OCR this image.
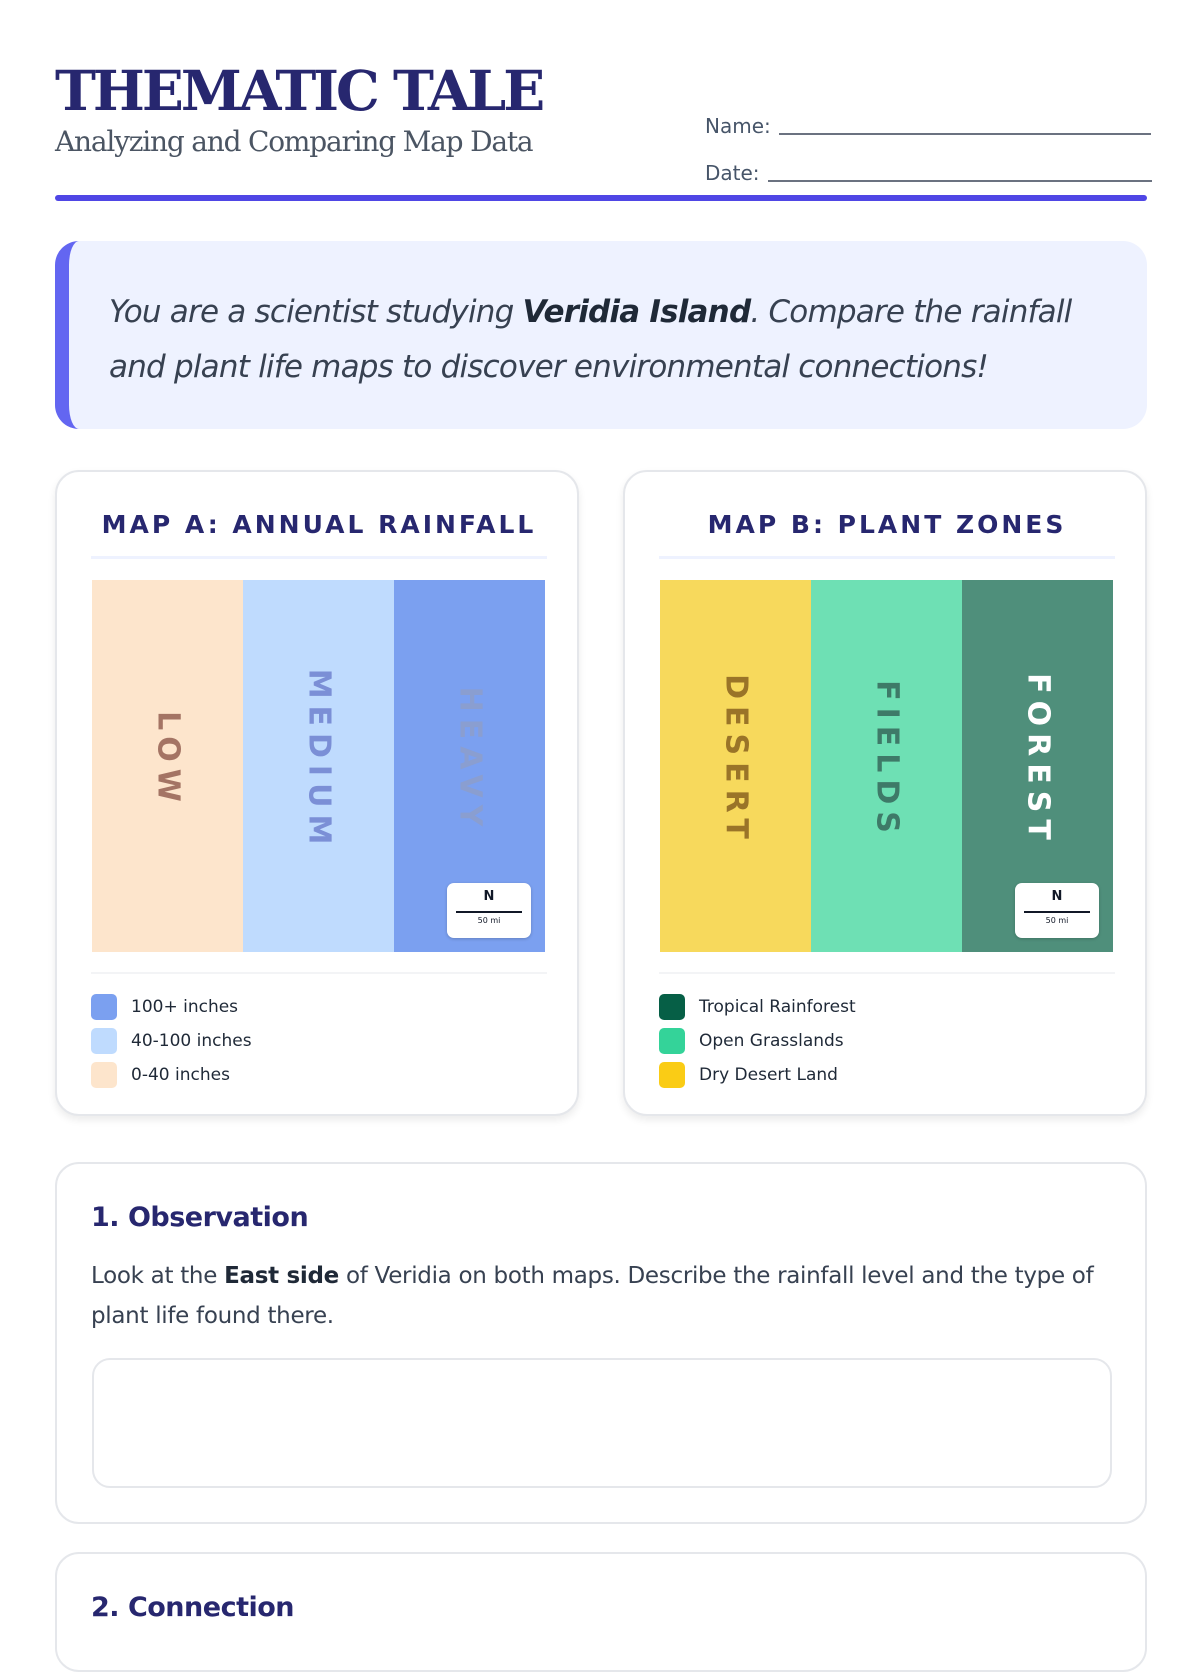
THEMATIC TALE
Analyzing and Comparing Map Data	Name:
Date:

You are a scientist studying Veridia Island. Compare the rainfall and plant life maps to discover environmental connections!

MAP A: ANNUAL RAINFALL
LOW	MEDIUM	HEAVY
N
50 mi
100+ inches
40-100 inches
0-40 inches
MAP B: PLANT ZONES
DESERT	FIELDS	FOREST
N
50 mi
Tropical Rainforest
Open Grasslands
Dry Desert Land
1. Observation
Look at the East side of Veridia on both maps. Describe the rainfall level and the type of plant life found there.
2. Connection
